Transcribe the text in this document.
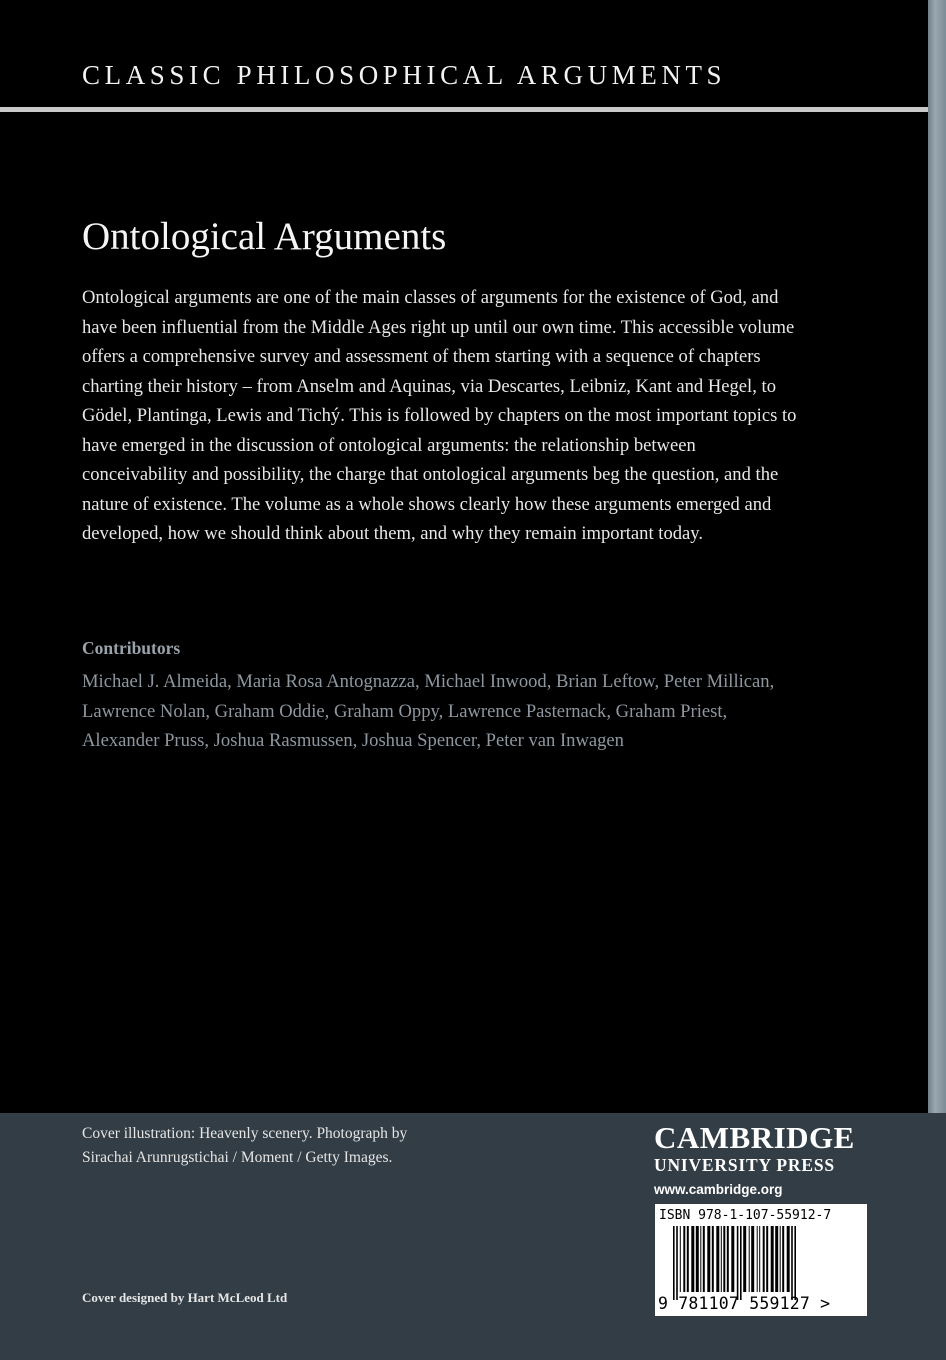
CLASSIC PHILOSOPHICAL ARGUMENTS
Ontological Arguments

Ontological arguments are one of the main classes of arguments for the existence of God, and have been influential from the Middle Ages right up until our own time. This accessible volume offers a comprehensive survey and assessment of them starting with a sequence of chapters charting their history – from Anselm and Aquinas, via Descartes, Leibniz, Kant and Hegel, to Gödel, Plantinga, Lewis and Tichý. This is followed by chapters on the most important topics to have emerged in the discussion of ontological arguments: the relationship between conceivability and possibility, the charge that ontological arguments beg the question, and the nature of existence. The volume as a whole shows clearly how these arguments emerged and developed, how we should think about them, and why they remain important today.

Contributors

Michael J. Almeida, Maria Rosa Antognazza, Michael Inwood, Brian Leftow, Peter Millican, Lawrence Nolan, Graham Oddie, Graham Oppy, Lawrence Pasternack, Graham Priest, Alexander Pruss, Joshua Rasmussen, Joshua Spencer, Peter van Inwagen

Cover illustration: Heavenly scenery. Photograph by Sirachai Arunrugstichai / Moment / Getty Images.

Cover designed by Hart McLeod Ltd

CAMBRIDGE
UNIVERSITY PRESS
www.cambridge.org
ISBN 978-1-107-55912-7
9 781107 559127 >
